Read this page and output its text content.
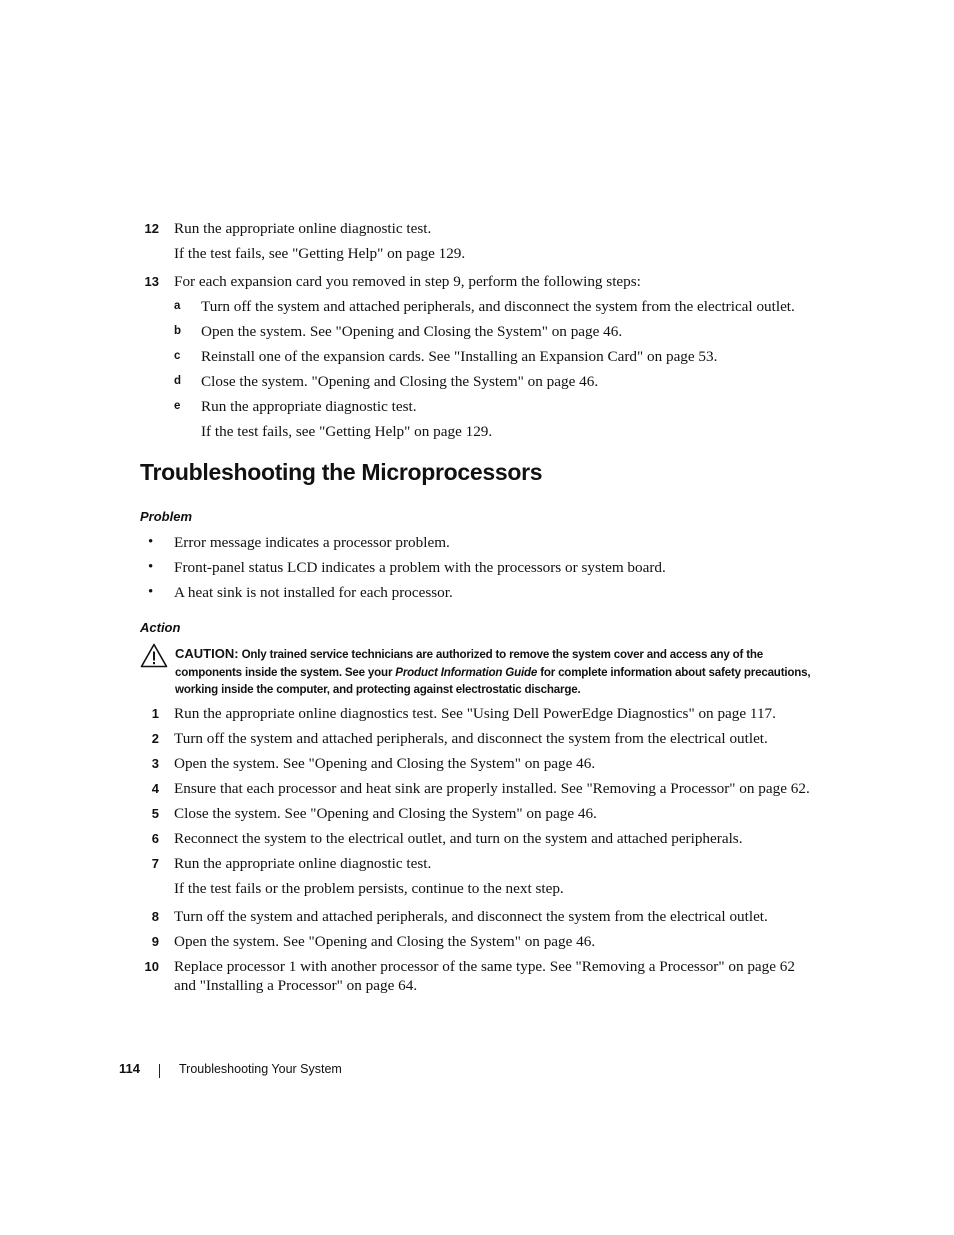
12 Run the appropriate online diagnostic test.
If the test fails, see "Getting Help" on page 129.
13 For each expansion card you removed in step 9, perform the following steps:
a Turn off the system and attached peripherals, and disconnect the system from the electrical outlet.
b Open the system. See "Opening and Closing the System" on page 46.
c Reinstall one of the expansion cards. See "Installing an Expansion Card" on page 53.
d Close the system. "Opening and Closing the System" on page 46.
e Run the appropriate diagnostic test.
If the test fails, see "Getting Help" on page 129.
Troubleshooting the Microprocessors
Problem
• Error message indicates a processor problem.
• Front-panel status LCD indicates a problem with the processors or system board.
• A heat sink is not installed for each processor.
Action
CAUTION: Only trained service technicians are authorized to remove the system cover and access any of the components inside the system. See your Product Information Guide for complete information about safety precautions, working inside the computer, and protecting against electrostatic discharge.
1 Run the appropriate online diagnostics test. See "Using Dell PowerEdge Diagnostics" on page 117.
2 Turn off the system and attached peripherals, and disconnect the system from the electrical outlet.
3 Open the system. See "Opening and Closing the System" on page 46.
4 Ensure that each processor and heat sink are properly installed. See "Removing a Processor" on page 62.
5 Close the system. See "Opening and Closing the System" on page 46.
6 Reconnect the system to the electrical outlet, and turn on the system and attached peripherals.
7 Run the appropriate online diagnostic test.
If the test fails or the problem persists, continue to the next step.
8 Turn off the system and attached peripherals, and disconnect the system from the electrical outlet.
9 Open the system. See "Opening and Closing the System" on page 46.
10 Replace processor 1 with another processor of the same type. See "Removing a Processor" on page 62
and "Installing a Processor" on page 64.
114	Troubleshooting Your System
